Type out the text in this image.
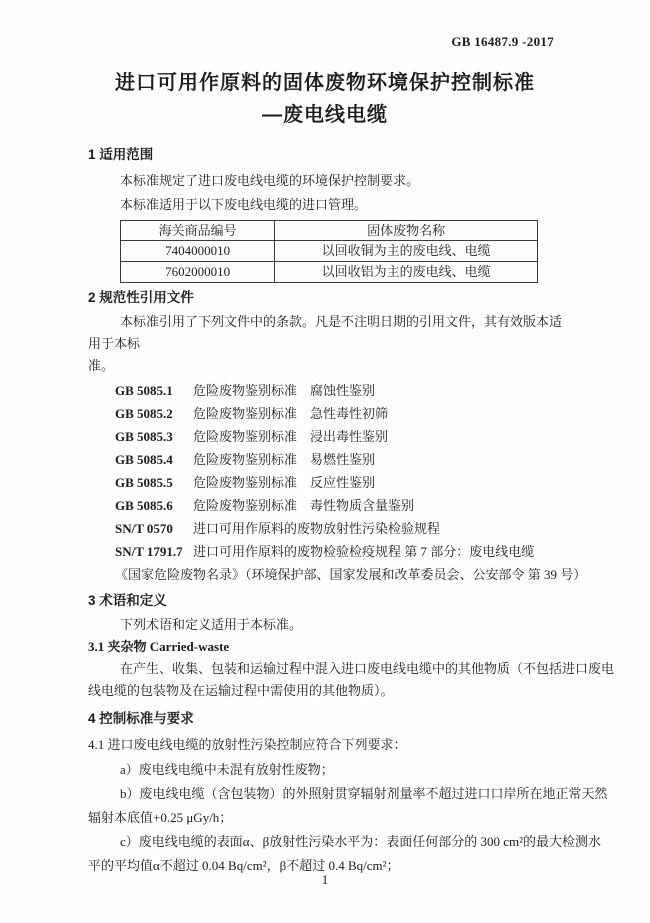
GB 16487.9 -2017
进口可用作原料的固体废物环境保护控制标准
—废电线电缆
1 适用范围
本标准规定了进口废电线电缆的环境保护控制要求。
本标准适用于以下废电线电缆的进口管理。
海关商品编号	固体废物名称
7404000010	以回收铜为主的废电线、电缆
7602000010	以回收铝为主的废电线、电缆
2 规范性引用文件
本标准引用了下列文件中的条款。凡是不注明日期的引用文件，其有效版本适用于本标
准。
GB 5085.1 危险废物鉴别标准　腐蚀性鉴别
GB 5085.2 危险废物鉴别标准　急性毒性初筛
GB 5085.3 危险废物鉴别标准　浸出毒性鉴别
GB 5085.4 危险废物鉴别标准　易燃性鉴别
GB 5085.5 危险废物鉴别标准　反应性鉴别
GB 5085.6 危险废物鉴别标准　毒性物质含量鉴别
SN/T 0570 进口可用作原料的废物放射性污染检验规程
SN/T 1791.7 进口可用作原料的废物检验检疫规程 第 7 部分：废电线电缆
《国家危险废物名录》（环境保护部、国家发展和改革委员会、公安部令 第 39 号）
3 术语和定义
下列术语和定义适用于本标准。
3.1 夹杂物 Carried-waste
在产生、收集、包装和运输过程中混入进口废电线电缆中的其他物质（不包括进口废电
线电缆的包装物及在运输过程中需使用的其他物质）。
4 控制标准与要求
4.1 进口废电线电缆的放射性污染控制应符合下列要求：
a）废电线电缆中未混有放射性废物；
b）废电线电缆（含包装物）的外照射贯穿辐射剂量率不超过进口口岸所在地正常天然
辐射本底值+0.25 μGy/h；
c）废电线电缆的表面α、β放射性污染水平为：表面任何部分的 300 cm²的最大检测水
平的平均值α不超过 0.04 Bq/cm²，β不超过 0.4 Bq/cm²；
1
